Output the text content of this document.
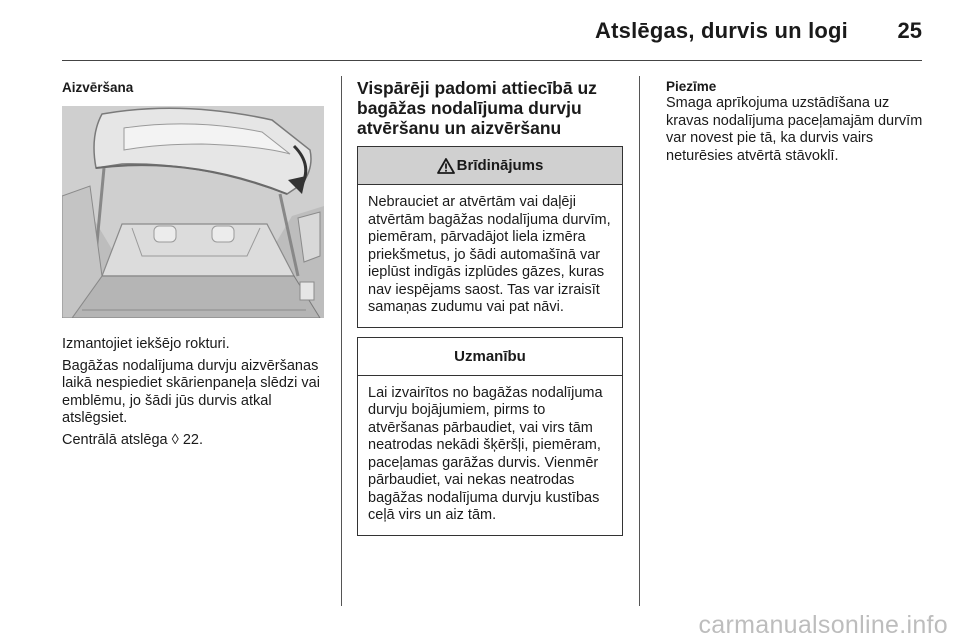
Atslēgas, durvis un logi 25
Aizvēršana

Izmantojiet iekšējo rokturi.

Bagāžas nodalījuma durvju aizvēršanas laikā nespiediet skārienpaneļa slēdzi vai emblēmu, jo šādi jūs durvis atkal atslēgsiet.

Centrālā atslēga ◊ 22.

Vispārēji padomi attiecībā uz bagāžas nodalījuma durvju atvēršanu un aizvēršanu
Brīdinājums
Nebrauciet ar atvērtām vai daļēji atvērtām bagāžas nodalījuma durvīm, piemēram, pārvadājot liela izmēra priekšmetus, jo šādi automašīnā var ieplūst indīgās izplūdes gāzes, kuras nav iespējams saost. Tas var izraisīt samaņas zudumu vai pat nāvi.
Uzmanību
Lai izvairītos no bagāžas nodalījuma durvju bojājumiem, pirms to atvēršanas pārbaudiet, vai virs tām neatrodas nekādi šķēršļi, piemēram, paceļamas garāžas durvis. Vienmēr pārbaudiet, vai nekas neatrodas bagāžas nodalījuma durvju kustības ceļā virs un aiz tām.
Piezīme

Smaga aprīkojuma uzstādīšana uz kravas nodalījuma paceļamajām durvīm var novest pie tā, ka durvis vairs neturēsies atvērtā stāvoklī.

carmanualsonline.info
